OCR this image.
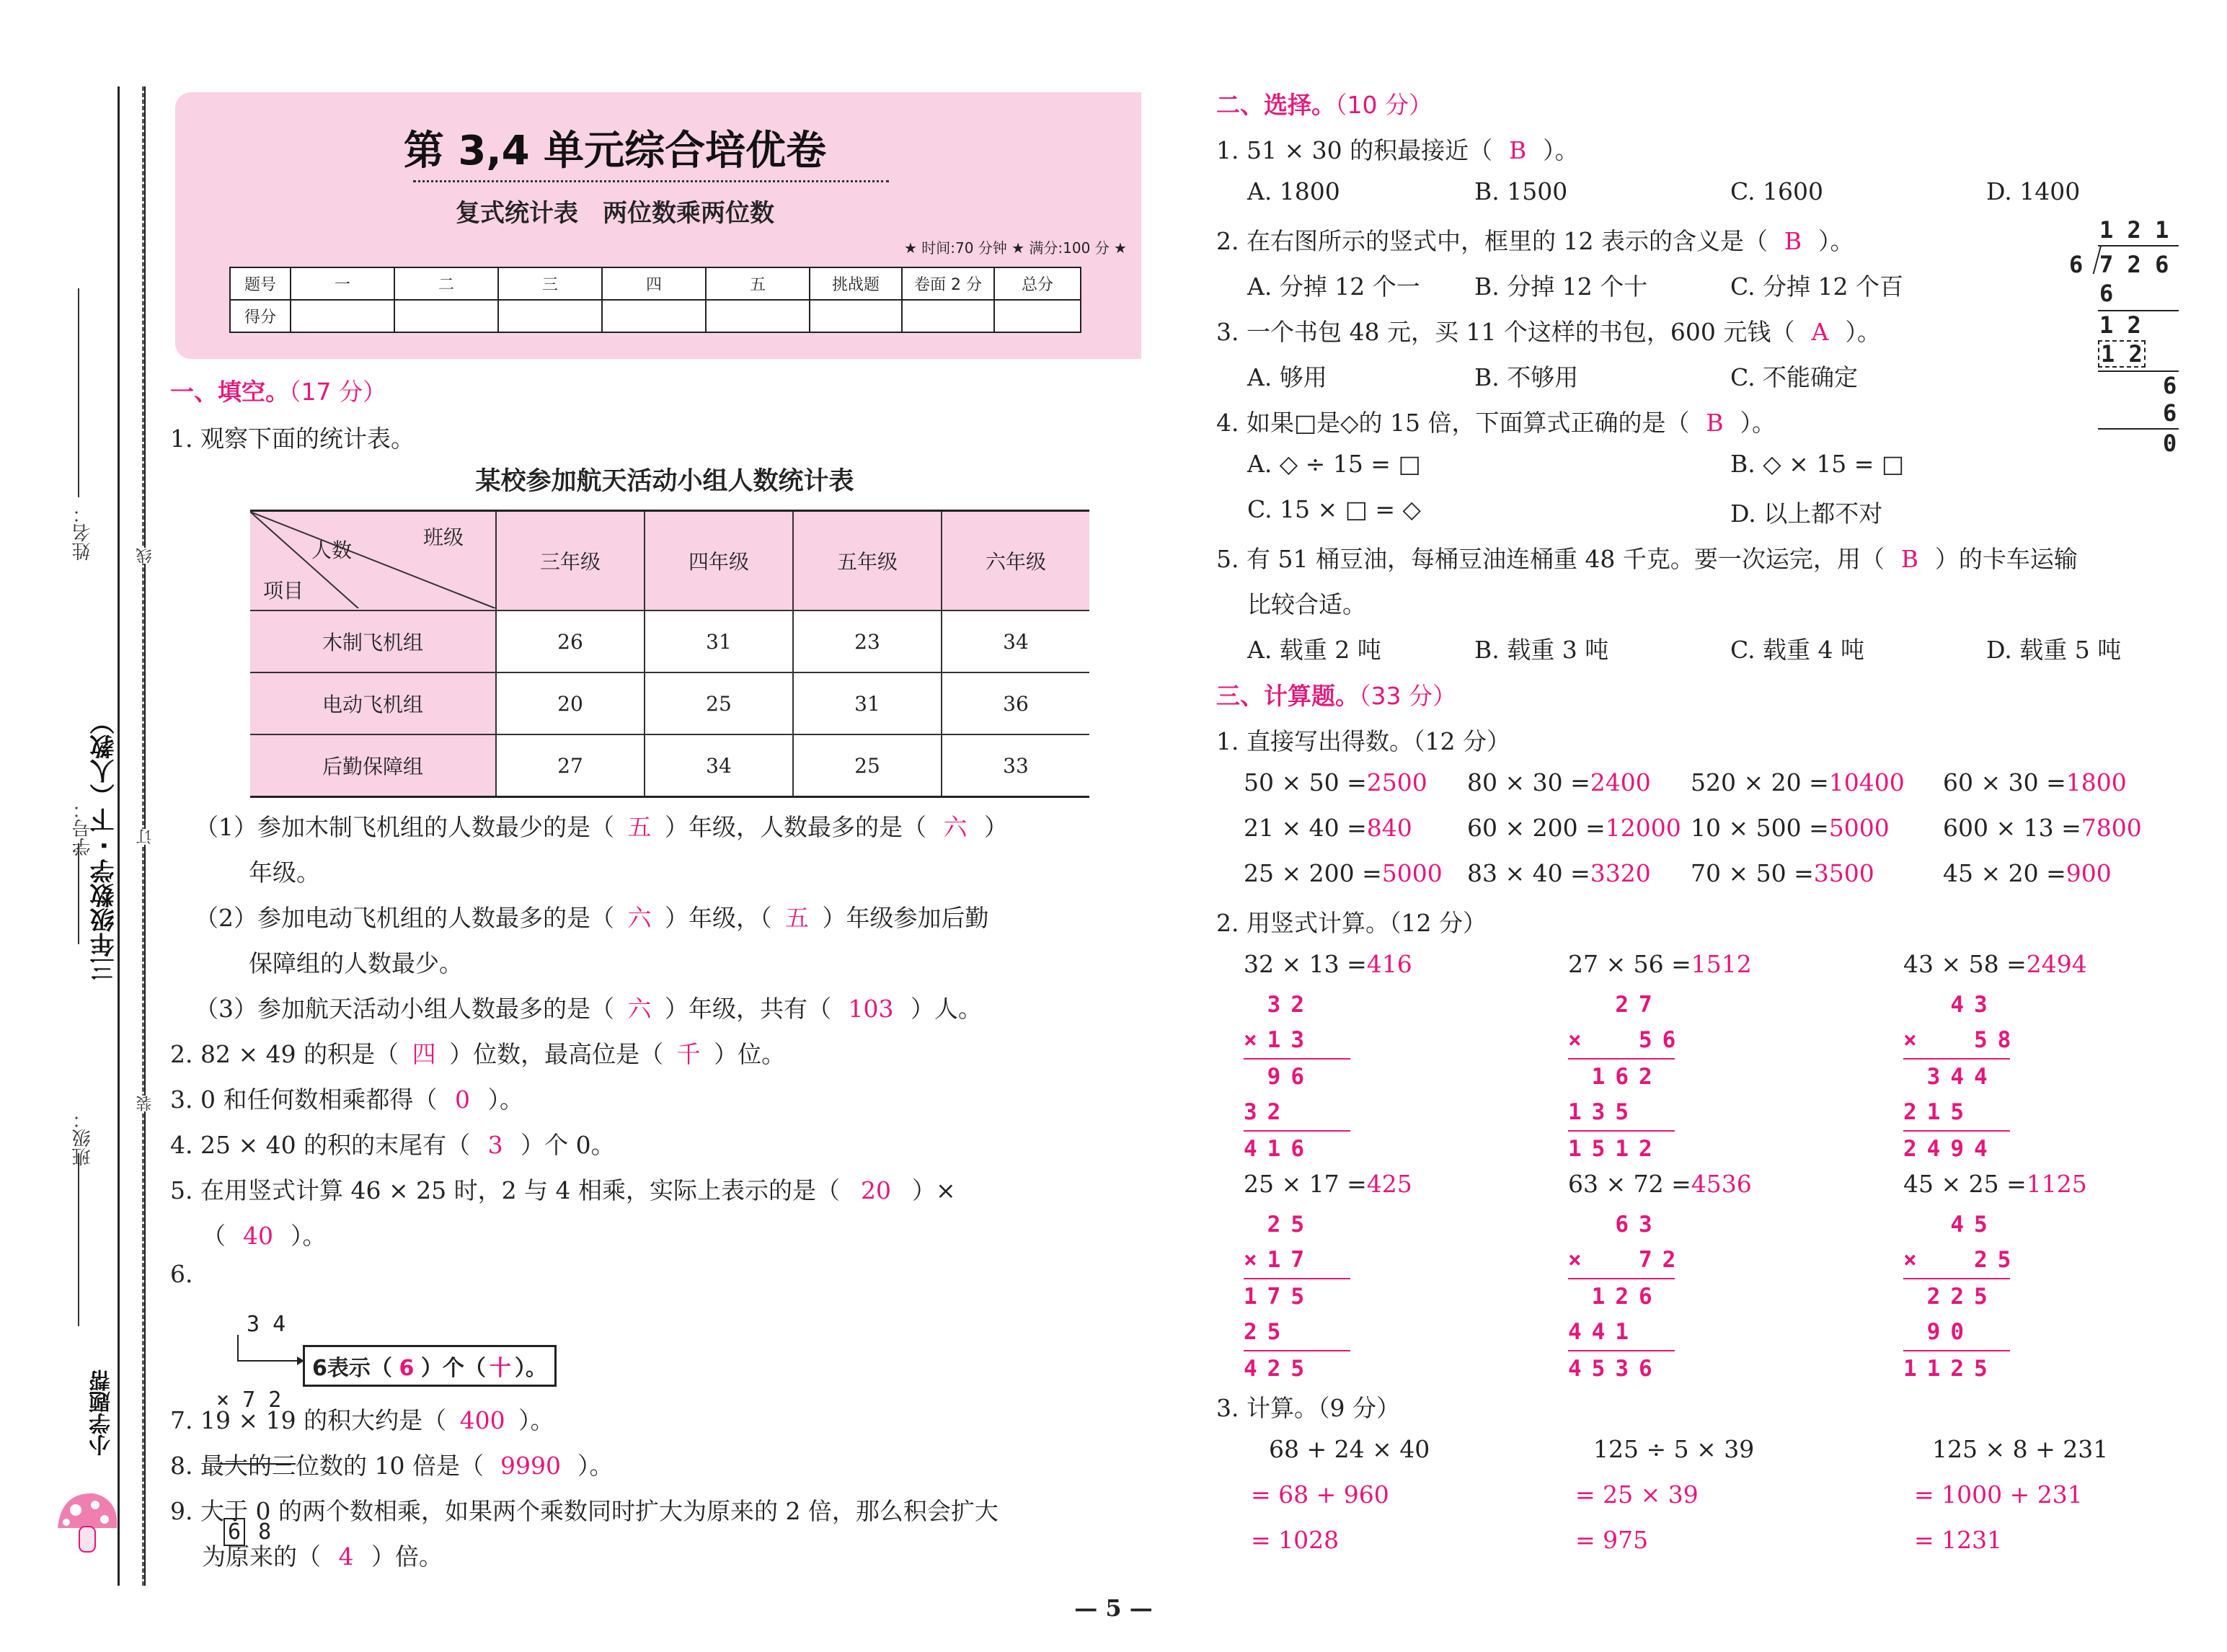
姓名：	线
三年级数学 · 下（人教）
学号：	订
装
班级：
小学题帮
第 3,4 单元综合培优卷
复式统计表　两位数乘两位数
★ 时间:70 分钟 ★ 满分:100 分 ★
题号	一	二	三	四	五	挑战题	卷面 2 分	总分
得分								
一、填空。（17 分）
1. 观察下面的统计表。
某校参加航天活动小组人数统计表
班级
人数
项目	三年级	四年级	五年级	六年级
木制飞机组	26	31	23	34
电动飞机组	20	25	31	36
后勤保障组	27	34	25	33
（1）参加木制飞机组的人数最少的是（ 五 ）年级，人数最多的是（ 六 ）
年级。
（2）参加电动飞机组的人数最多的是（ 六 ）年级，（ 五 ）年级参加后勤
保障组的人数最少。
（3）参加航天活动小组人数最多的是（ 六 ）年级，共有（ 103 ）人。
2. 82 × 49 的积是（ 四 ）位数，最高位是（ 千 ）位。
3. 0 和任何数相乘都得（ 0 ）。
4. 25 × 40 的积的末尾有（ 3 ）个 0。
5. 在用竖式计算 46 × 25 时，2 与 4 相乘，实际上表示的是（ 20 ）×
（ 40 ）。
6.

3 4

× 7 2

6 8

6表示（ 6 ）个（ 十 ）。
7. 19 × 19 的积大约是（ 400 ）。
8. 最大的三位数的 10 倍是（ 9990 ）。
9. 大于 0 的两个数相乘，如果两个乘数同时扩大为原来的 2 倍，那么积会扩大
为原来的（ 4 ）倍。
二、选择。（10 分）
1. 51 × 30 的积最接近（ B ）。
A. 1800	B. 1500	C. 1600	D. 1400
2. 在右图所示的竖式中，框里的 12 表示的含义是（ B ）。
A. 分掉 12 个一 B. 分掉 12 个十	C. 分掉 12 个百
1 2 1
6 7 2 6
6
1 2
1 2
6
6
0
3. 一个书包 48 元，买 11 个这样的书包，600 元钱（ A ）。
A. 够用	B. 不够用	C. 不能确定
4. 如果□是◇的 15 倍，下面算式正确的是（ B ）。
A. ◇ ÷ 15 = □	B. ◇ × 15 = □
C. 15 × □ = ◇	D. 以上都不对
5. 有 51 桶豆油，每桶豆油连桶重 48 千克。要一次运完，用（ B ）的卡车运输
比较合适。
A. 载重 2 吨	B. 载重 3 吨	C. 载重 4 吨	D. 载重 5 吨
三、计算题。（33 分）
1. 直接写出得数。（12 分）
50 × 50 =2500 80 × 30 =2400 520 × 20 =10400 60 × 30 =1800
21 × 40 =840 60 × 200 =12000 10 × 500 =5000 600 × 13 =7800
25 × 200 =5000 83 × 40 =3320 70 × 50 =3500	45 × 20 =900
2. 用竖式计算。（12 分）
32 × 13 =416
32
×13
96
32
416
27 × 56 =1512
27
×  56
162
135
1512
43 × 58 =2494
43
×  58
344
215
2494
25 × 17 =425
25
×17
175
25
425
63 × 72 =4536
63
×  72
126
441
4536
45 × 25 =1125
45
×  25
225
90
1125
3. 计算。（9 分）
68 + 24 × 40
= 68 + 960
= 1028
125 ÷ 5 × 39
= 25 × 39
= 975
125 × 8 + 231
= 1000 + 231
= 1231
— 5 —
